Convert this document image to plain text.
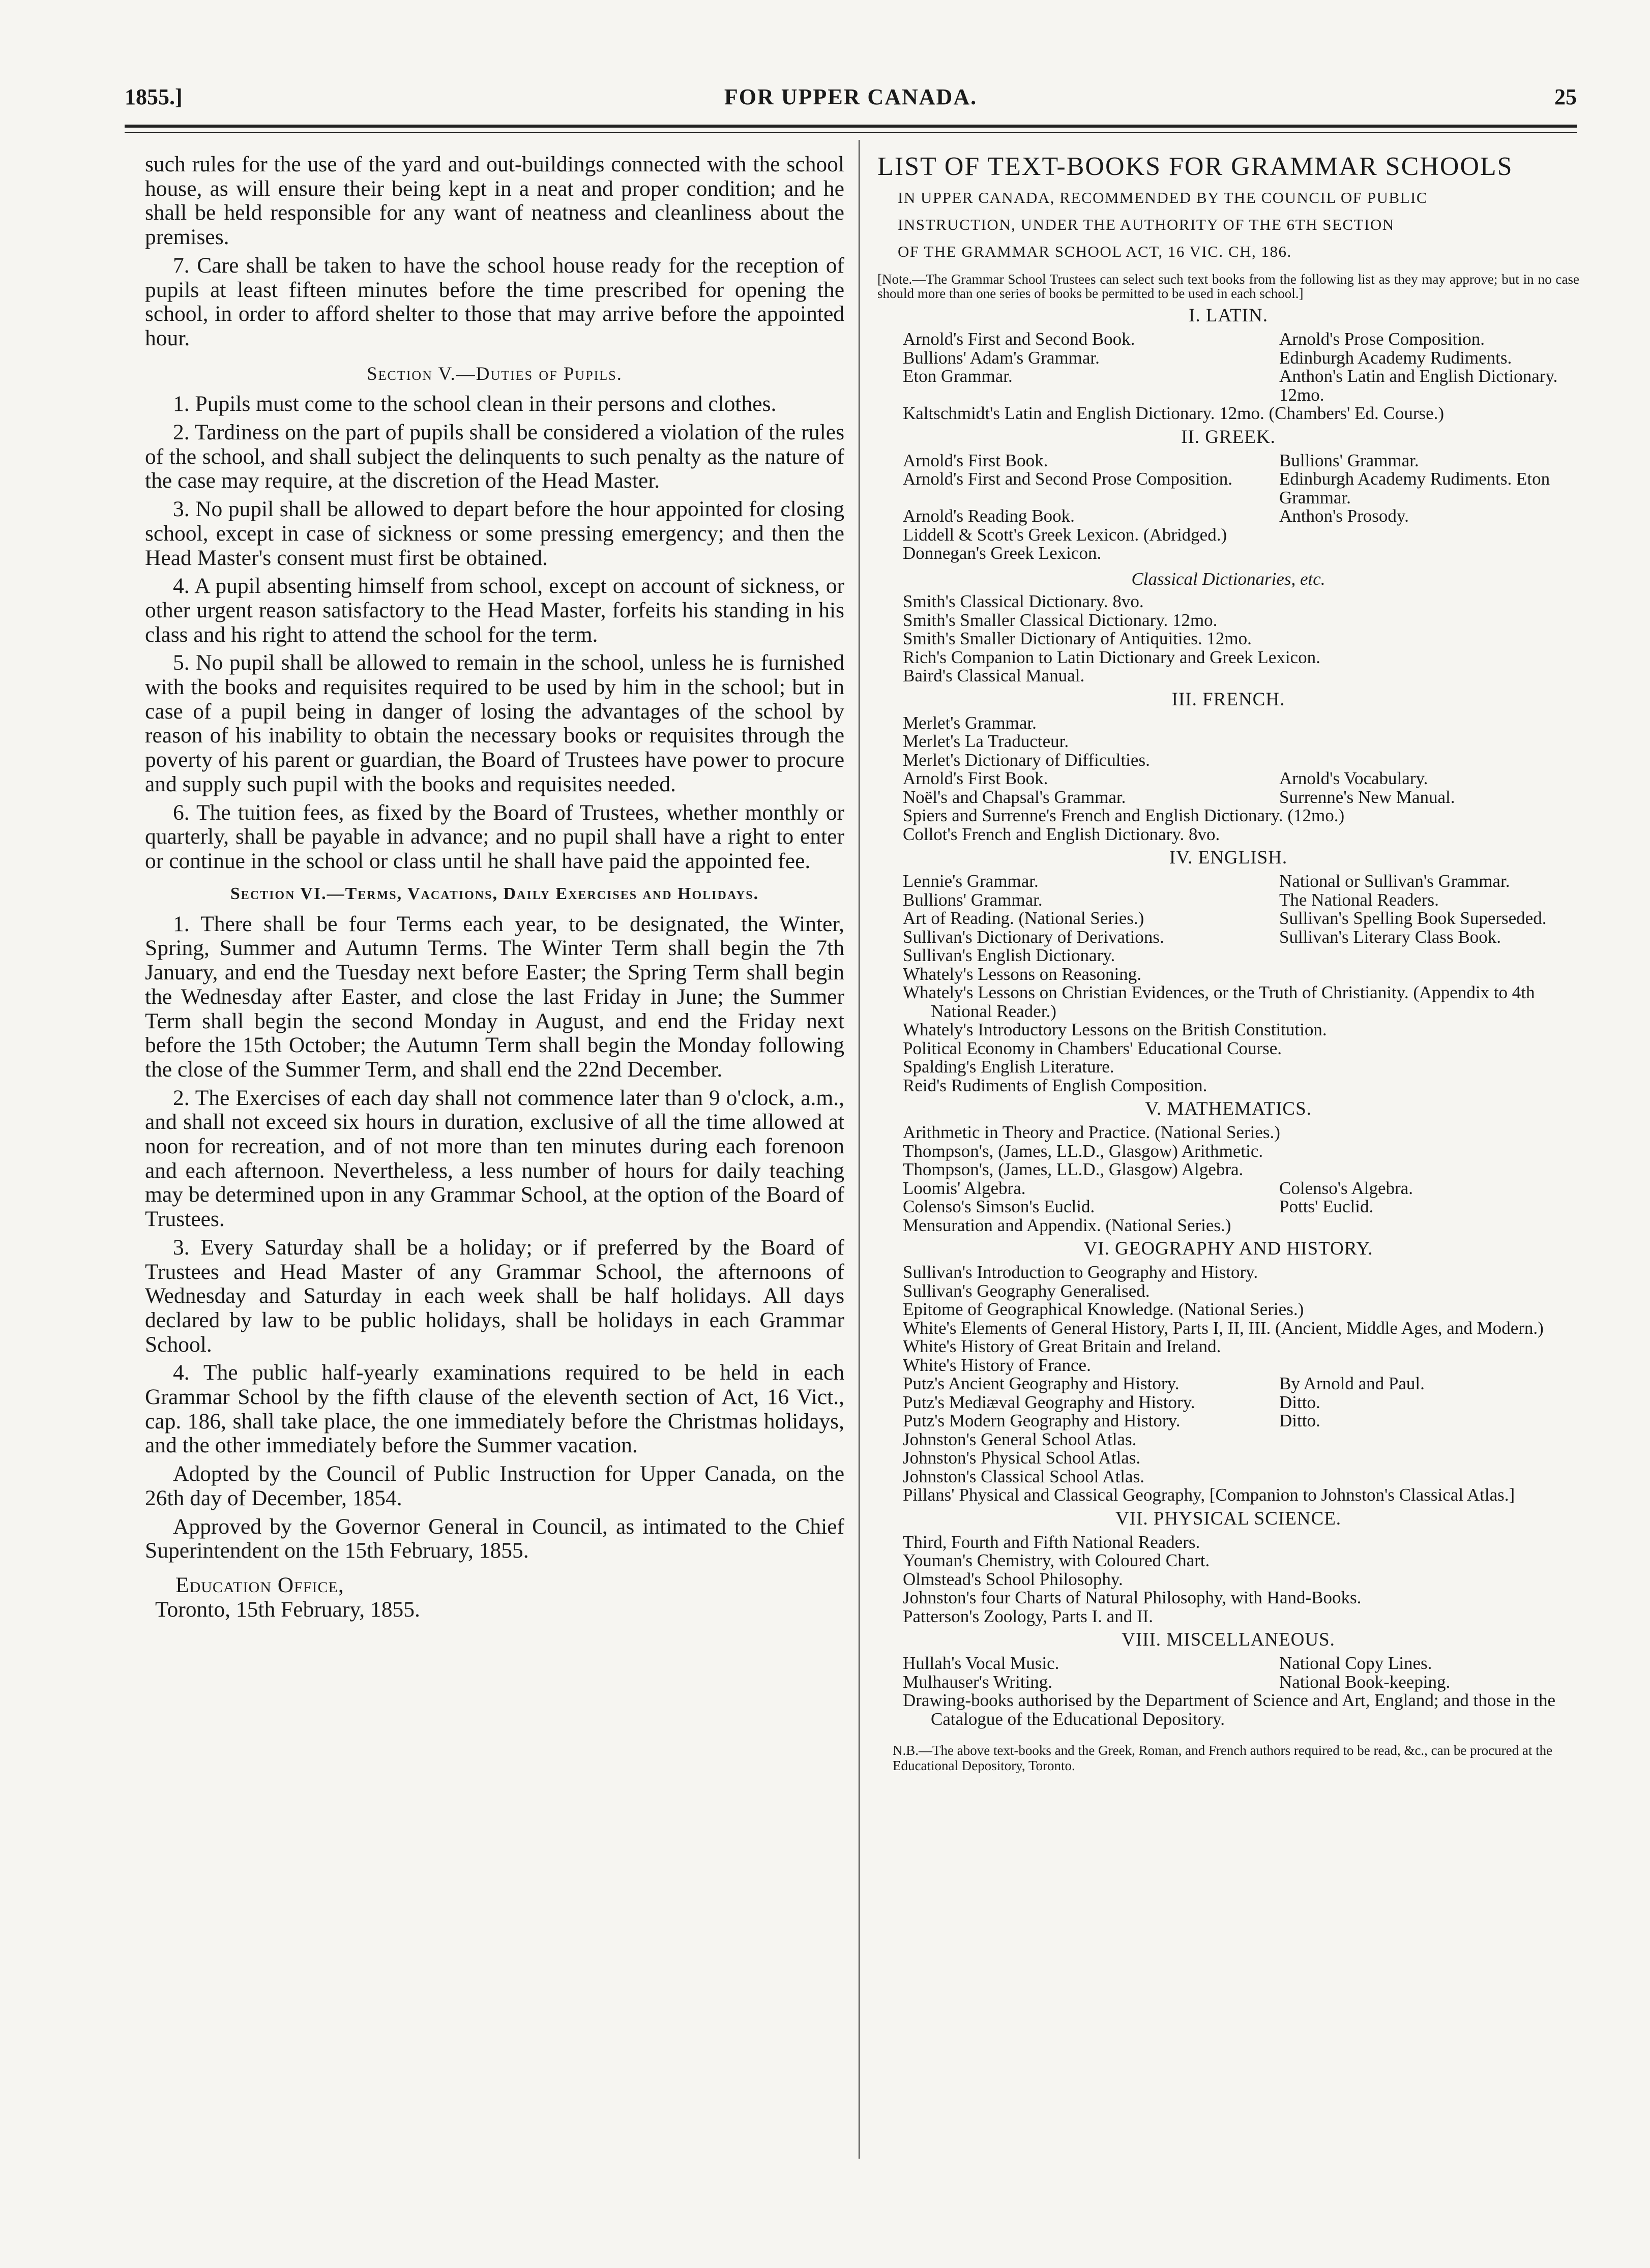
1855.]	FOR UPPER CANADA.	25

such rules for the use of the yard and out-buildings connected with the school house, as will ensure their being kept in a neat and proper condition; and he shall be held responsible for any want of neatness and cleanliness about the premises.

7. Care shall be taken to have the school house ready for the reception of pupils at least fifteen minutes before the time prescribed for opening the school, in order to afford shelter to those that may arrive before the appointed hour.

Section V.—Duties of Pupils.

1. Pupils must come to the school clean in their persons and clothes.

2. Tardiness on the part of pupils shall be considered a violation of the rules of the school, and shall subject the delinquents to such penalty as the nature of the case may require, at the discretion of the Head Master.

3. No pupil shall be allowed to depart before the hour appointed for closing school, except in case of sickness or some pressing emergency; and then the Head Master's consent must first be obtained.

4. A pupil absenting himself from school, except on account of sickness, or other urgent reason satisfactory to the Head Master, forfeits his standing in his class and his right to attend the school for the term.

5. No pupil shall be allowed to remain in the school, unless he is furnished with the books and requisites required to be used by him in the school; but in case of a pupil being in danger of losing the advantages of the school by reason of his inability to obtain the necessary books or requisites through the poverty of his parent or guardian, the Board of Trustees have power to procure and supply such pupil with the books and requisites needed.

6. The tuition fees, as fixed by the Board of Trustees, whether monthly or quarterly, shall be payable in advance; and no pupil shall have a right to enter or continue in the school or class until he shall have paid the appointed fee.

Section VI.—Terms, Vacations, Daily Exercises and Holidays.

1. There shall be four Terms each year, to be designated, the Winter, Spring, Summer and Autumn Terms. The Winter Term shall begin the 7th January, and end the Tuesday next before Easter; the Spring Term shall begin the Wednesday after Easter, and close the last Friday in June; the Summer Term shall begin the second Monday in August, and end the Friday next before the 15th October; the Autumn Term shall begin the Monday following the close of the Summer Term, and shall end the 22nd December.

2. The Exercises of each day shall not commence later than 9 o'clock, a.m., and shall not exceed six hours in duration, exclusive of all the time allowed at noon for recreation, and of not more than ten minutes during each forenoon and each afternoon. Nevertheless, a less number of hours for daily teaching may be determined upon in any Grammar School, at the option of the Board of Trustees.

3. Every Saturday shall be a holiday; or if preferred by the Board of Trustees and Head Master of any Grammar School, the afternoons of Wednesday and Saturday in each week shall be half holidays. All days declared by law to be public holidays, shall be holidays in each Grammar School.

4. The public half-yearly examinations required to be held in each Grammar School by the fifth clause of the eleventh section of Act, 16 Vict., cap. 186, shall take place, the one immediately before the Christmas holidays, and the other immediately before the Summer vacation.

Adopted by the Council of Public Instruction for Upper Canada, on the 26th day of December, 1854.

Approved by the Governor General in Council, as intimated to the Chief Superintendent on the 15th February, 1855.

Education Office,
Toronto, 15th February, 1855.
LIST OF TEXT-BOOKS FOR GRAMMAR SCHOOLS
IN UPPER CANADA, RECOMMENDED BY THE COUNCIL OF PUBLIC
INSTRUCTION, UNDER THE AUTHORITY OF THE 6TH SECTION
OF THE GRAMMAR SCHOOL ACT, 16 VIC. CH, 186.
[Note.—The Grammar School Trustees can select such text books from the following list as they may approve; but in no case should more than one series of books be permitted to be used in each school.]
I. LATIN.
Arnold's First and Second Book.	Arnold's Prose Composition.
Bullions' Adam's Grammar.	Edinburgh Academy Rudiments.
Eton Grammar.	Anthon's Latin and English Dictionary. 12mo.
Kaltschmidt's Latin and English Dictionary. 12mo. (Chambers' Ed. Course.)
II. GREEK.
Arnold's First Book.	Bullions' Grammar.
Arnold's First and Second Prose Composition.	Edinburgh Academy Rudiments. Eton Grammar.
Arnold's Reading Book.	Anthon's Prosody.
Liddell & Scott's Greek Lexicon. (Abridged.)
Donnegan's Greek Lexicon.
Classical Dictionaries, etc.
Smith's Classical Dictionary. 8vo.
Smith's Smaller Classical Dictionary. 12mo.
Smith's Smaller Dictionary of Antiquities. 12mo.
Rich's Companion to Latin Dictionary and Greek Lexicon.
Baird's Classical Manual.
III. FRENCH.
Merlet's Grammar.
Merlet's La Traducteur.
Merlet's Dictionary of Difficulties.
Arnold's First Book.	Arnold's Vocabulary.
Noël's and Chapsal's Grammar.	Surrenne's New Manual.
Spiers and Surrenne's French and English Dictionary. (12mo.)
Collot's French and English Dictionary. 8vo.
IV. ENGLISH.
Lennie's Grammar.	National or Sullivan's Grammar.
Bullions' Grammar.	The National Readers.
Art of Reading. (National Series.)	Sullivan's Spelling Book Superseded.
Sullivan's Dictionary of Derivations.	Sullivan's Literary Class Book.
Sullivan's English Dictionary.
Whately's Lessons on Reasoning.
Whately's Lessons on Christian Evidences, or the Truth of Christianity. (Appendix to 4th National Reader.)
Whately's Introductory Lessons on the British Constitution.
Political Economy in Chambers' Educational Course.
Spalding's English Literature.
Reid's Rudiments of English Composition.
V. MATHEMATICS.
Arithmetic in Theory and Practice. (National Series.)
Thompson's, (James, LL.D., Glasgow) Arithmetic.
Thompson's, (James, LL.D., Glasgow) Algebra.
Loomis' Algebra.	Colenso's Algebra.
Colenso's Simson's Euclid.	Potts' Euclid.
Mensuration and Appendix. (National Series.)
VI. GEOGRAPHY AND HISTORY.
Sullivan's Introduction to Geography and History.
Sullivan's Geography Generalised.
Epitome of Geographical Knowledge. (National Series.)
White's Elements of General History, Parts I, II, III. (Ancient, Middle Ages, and Modern.)
White's History of Great Britain and Ireland.
White's History of France.
Putz's Ancient Geography and History.	By Arnold and Paul.
Putz's Mediæval Geography and History.	Ditto.
Putz's Modern Geography and History.	Ditto.
Johnston's General School Atlas.
Johnston's Physical School Atlas.
Johnston's Classical School Atlas.
Pillans' Physical and Classical Geography, [Companion to Johnston's Classical Atlas.]
VII. PHYSICAL SCIENCE.
Third, Fourth and Fifth National Readers.
Youman's Chemistry, with Coloured Chart.
Olmstead's School Philosophy.
Johnston's four Charts of Natural Philosophy, with Hand-Books.
Patterson's Zoology, Parts I. and II.
VIII. MISCELLANEOUS.
Hullah's Vocal Music.	National Copy Lines.
Mulhauser's Writing.	National Book-keeping.
Drawing-books authorised by the Department of Science and Art, England; and those in the Catalogue of the Educational Depository.
N.B.—The above text-books and the Greek, Roman, and French authors required to be read, &c., can be procured at the Educational Depository, Toronto.
